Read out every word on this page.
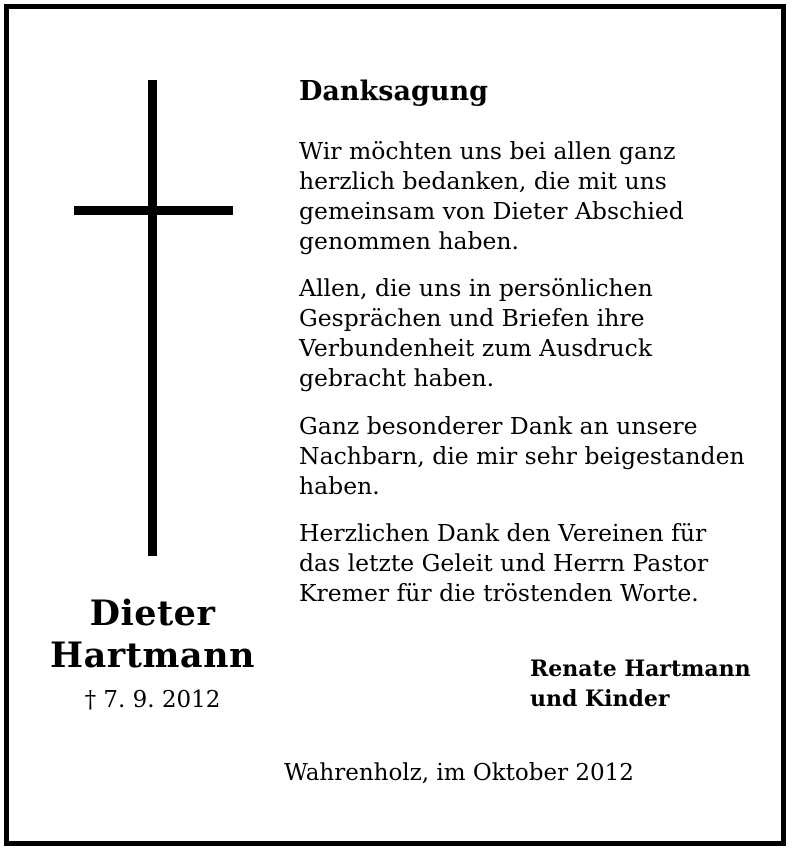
Dieter
Hartmann
† 7. 9. 2012
Danksagung

Wir möchten uns bei allen ganz
herzlich bedanken, die mit uns
gemeinsam von Dieter Abschied
genommen haben.

Allen, die uns in persönlichen
Gesprächen und Briefen ihre
Verbundenheit zum Ausdruck
gebracht haben.

Ganz besonderer Dank an unsere
Nachbarn, die mir sehr beigestanden
haben.

Herzlichen Dank den Vereinen für
das letzte Geleit und Herrn Pastor
Kremer für die tröstenden Worte.

Renate Hartmann
und Kinder
Wahrenholz, im Oktober 2012
